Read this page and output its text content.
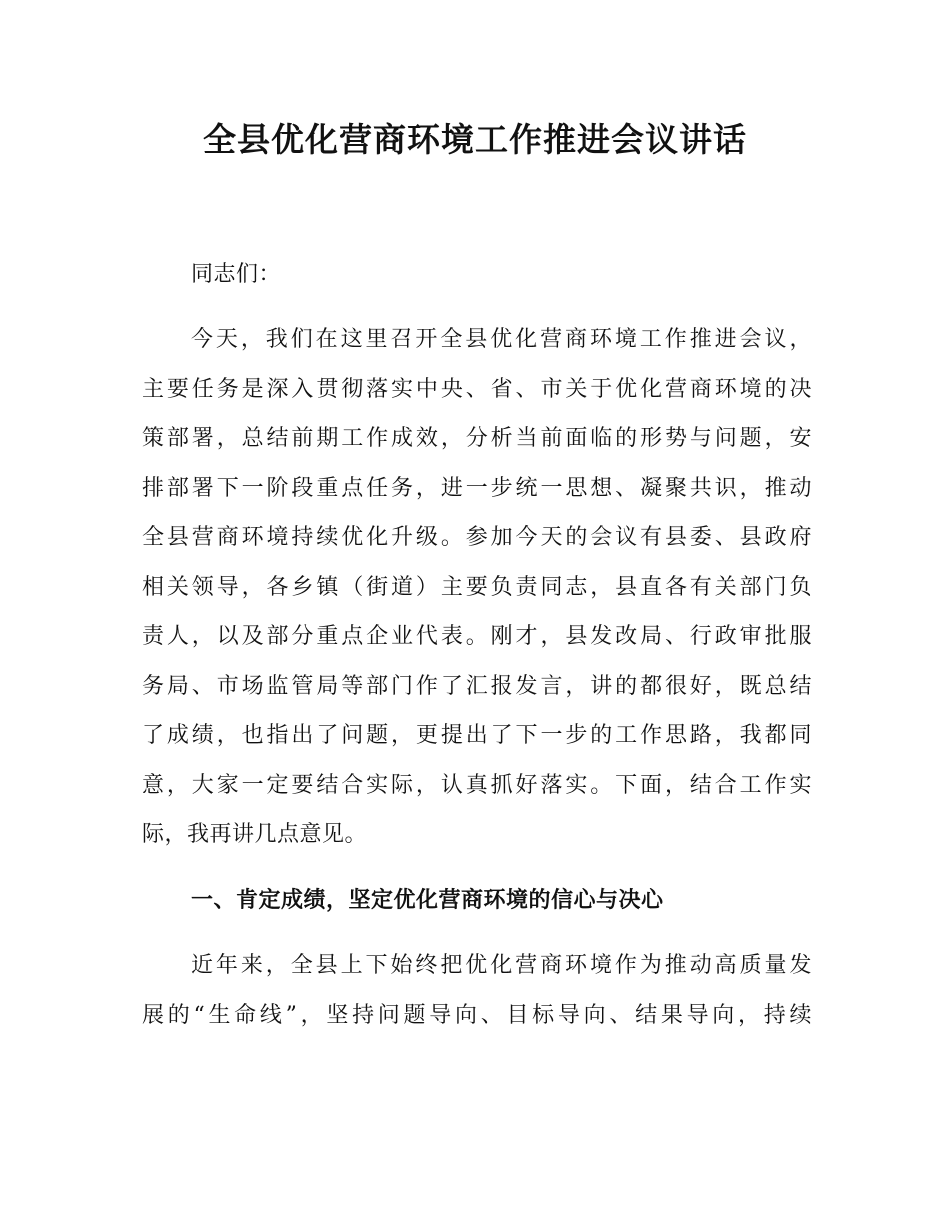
全县优化营商环境工作推进会议讲话

同志们：

今天，我们在这里召开全县优化营商环境工作推进会议，
主要任务是深入贯彻落实中央、省、市关于优化营商环境的决
策部署，总结前期工作成效，分析当前面临的形势与问题，安
排部署下一阶段重点任务，进一步统一思想、凝聚共识，推动
全县营商环境持续优化升级。参加今天的会议有县委、县政府
相关领导，各乡镇（街道）主要负责同志，县直各有关部门负
责人，以及部分重点企业代表。刚才，县发改局、行政审批服
务局、市场监管局等部门作了汇报发言，讲的都很好，既总结
了成绩，也指出了问题，更提出了下一步的工作思路，我都同
意，大家一定要结合实际，认真抓好落实。下面，结合工作实
际，我再讲几点意见。

一、肯定成绩，坚定优化营商环境的信心与决心

近年来，全县上下始终把优化营商环境作为推动高质量发
展的“生命线”，坚持问题导向、目标导向、结果导向，持续
